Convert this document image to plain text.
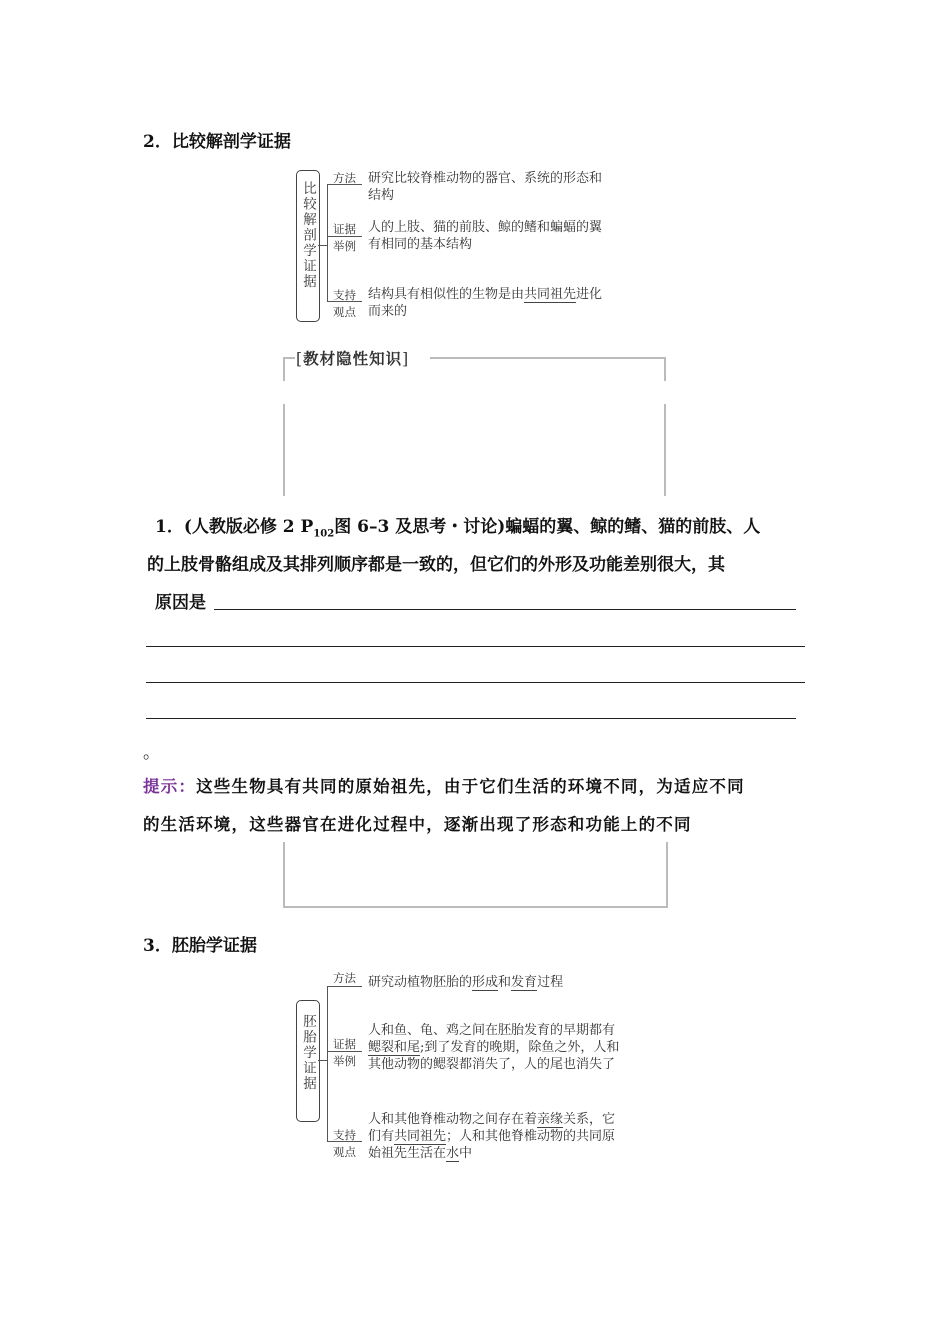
2．比较解剖学证据
比较解剖学证据
方法 研究比较脊椎动物的器官、系统的形态和
结构
证据
举例
人的上肢、猫的前肢、鲸的鳍和蝙蝠的翼
有相同的基本结构
支持
观点
结构具有相似性的生物是由共同祖先进化
而来的
[教材隐性知识]
1．(人教版必修 2 $P_{102}$图 6–3 及思考・讨论)蝙蝠的翼、鲸的鳍、猫的前肢、人
的上肢骨骼组成及其排列顺序都是一致的，但它们的外形及功能差别很大，其
原因是
。
提示：这些生物具有共同的原始祖先，由于它们生活的环境不同，为适应不同
的生活环境，这些器官在进化过程中，逐渐出现了形态和功能上的不同
3．胚胎学证据
胚胎学证据
方法 研究动植物胚胎的形成和发育过程
证据
举例
人和鱼、龟、鸡之间在胚胎发育的早期都有
鳃裂和尾;到了发育的晚期，除鱼之外，人和
其他动物的鳃裂都消失了，人的尾也消失了
支持
观点
人和其他脊椎动物之间存在着亲缘关系，它
们有共同祖先；人和其他脊椎动物的共同原
始祖先生活在水中
